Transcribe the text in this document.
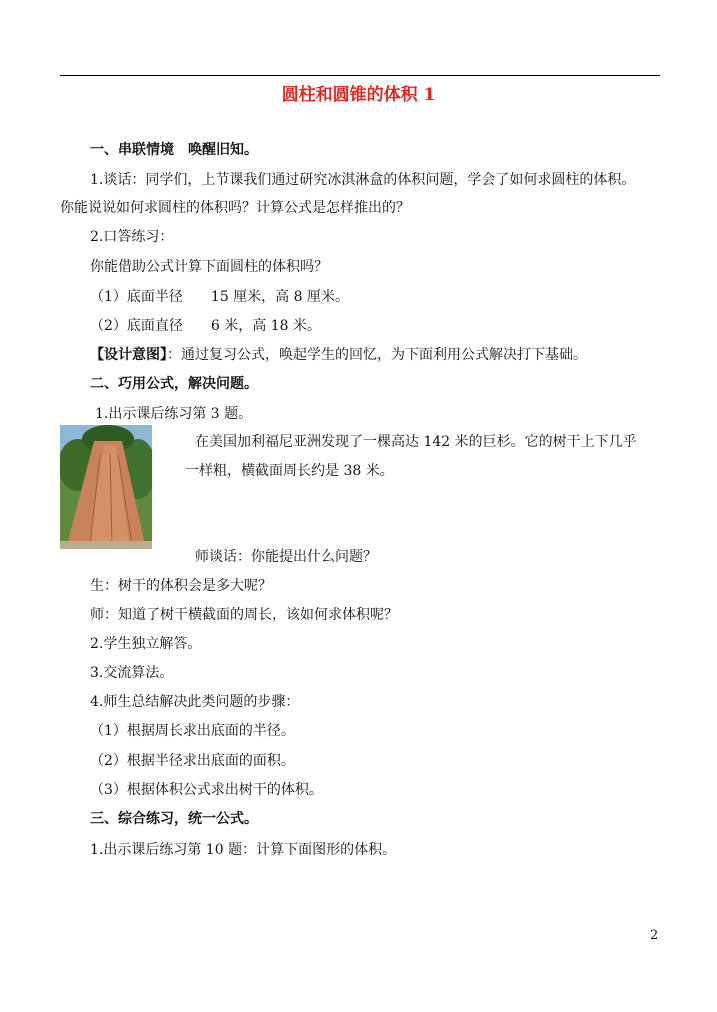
圆柱和圆锥的体积 1
一、串联情境　唤醒旧知。
1.谈话：同学们，上节课我们通过研究冰淇淋盒的体积问题，学会了如何求圆柱的体积。
你能说说如何求圆柱的体积吗？计算公式是怎样推出的？
2.口答练习：
你能借助公式计算下面圆柱的体积吗？
（1）底面半径　　15 厘米，高 8 厘米。
（2）底面直径　　6 米，高 18 米。
【设计意图】：通过复习公式，唤起学生的回忆，为下面利用公式解决打下基础。
二、巧用公式，解决问题。
1.出示课后练习第 3 题。
在美国加利福尼亚洲发现了一棵高达 142 米的巨杉。它的树干上下几乎
一样粗，横截面周长约是 38 米。
师谈话：你能提出什么问题？
生：树干的体积会是多大呢？
师：知道了树干横截面的周长，该如何求体积呢？
2.学生独立解答。
3.交流算法。
4.师生总结解决此类问题的步骤：
（1）根据周长求出底面的半径。
（2）根据半径求出底面的面积。
（3）根据体积公式求出树干的体积。
三、综合练习，统一公式。
1.出示课后练习第 10 题：计算下面图形的体积。
2
